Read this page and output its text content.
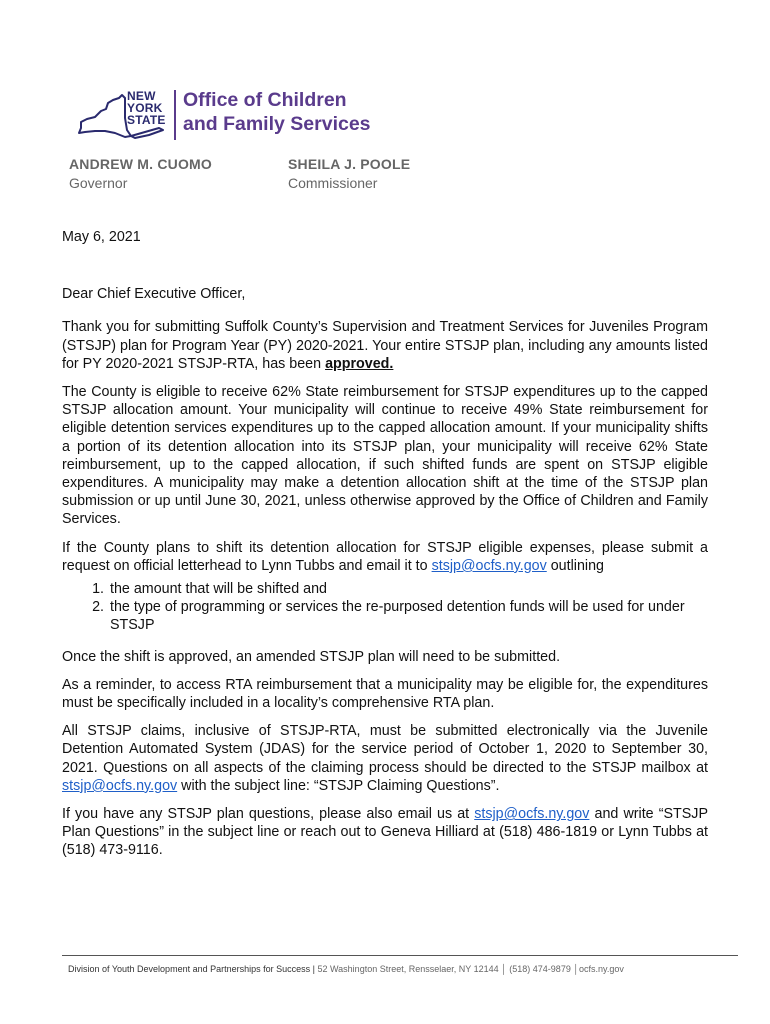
NEW
YORK
STATE
Office of Children
and Family Services
ANDREW M. CUOMO
Governor
SHEILA J. POOLE
Commissioner

May 6, 2021

Dear Chief Executive Officer,

Thank you for submitting Suffolk County’s Supervision and Treatment Services for Juveniles Program (STSJP) plan for Program Year (PY) 2020-2021. Your entire STSJP plan, including any amounts listed for PY 2020-2021 STSJP-RTA, has been approved.

The County is eligible to receive 62% State reimbursement for STSJP expenditures up to the capped STSJP allocation amount. Your municipality will continue to receive 49% State reimbursement for eligible detention services expenditures up to the capped allocation amount. If your municipality shifts a portion of its detention allocation into its STSJP plan, your municipality will receive 62% State reimbursement, up to the capped allocation, if such shifted funds are spent on STSJP eligible expenditures. A municipality may make a detention allocation shift at the time of the STSJP plan submission or up until June 30, 2021, unless otherwise approved by the Office of Children and Family Services.

If the County plans to shift its detention allocation for STSJP eligible expenses, please submit a request on official letterhead to Lynn Tubbs and email it to stsjp@ocfs.ny.gov outlining

1. the amount that will be shifted and
2. the type of programming or services the re-purposed detention funds will be used for under STSJP

Once the shift is approved, an amended STSJP plan will need to be submitted.

As a reminder, to access RTA reimbursement that a municipality may be eligible for, the expenditures must be specifically included in a locality’s comprehensive RTA plan.

All STSJP claims, inclusive of STSJP-RTA, must be submitted electronically via the Juvenile Detention Automated System (JDAS) for the service period of October 1, 2020 to September 30, 2021. Questions on all aspects of the claiming process should be directed to the STSJP mailbox at stsjp@ocfs.ny.gov with the subject line: “STSJP Claiming Questions”.

If you have any STSJP plan questions, please also email us at stsjp@ocfs.ny.gov and write “STSJP Plan Questions” in the subject line or reach out to Geneva Hilliard at (518) 486-1819 or Lynn Tubbs at (518) 473-9116.

Division of Youth Development and Partnerships for Success | 52 Washington Street, Rensselaer, NY 12144 │ (518) 474-9879 │ocfs.ny.gov
